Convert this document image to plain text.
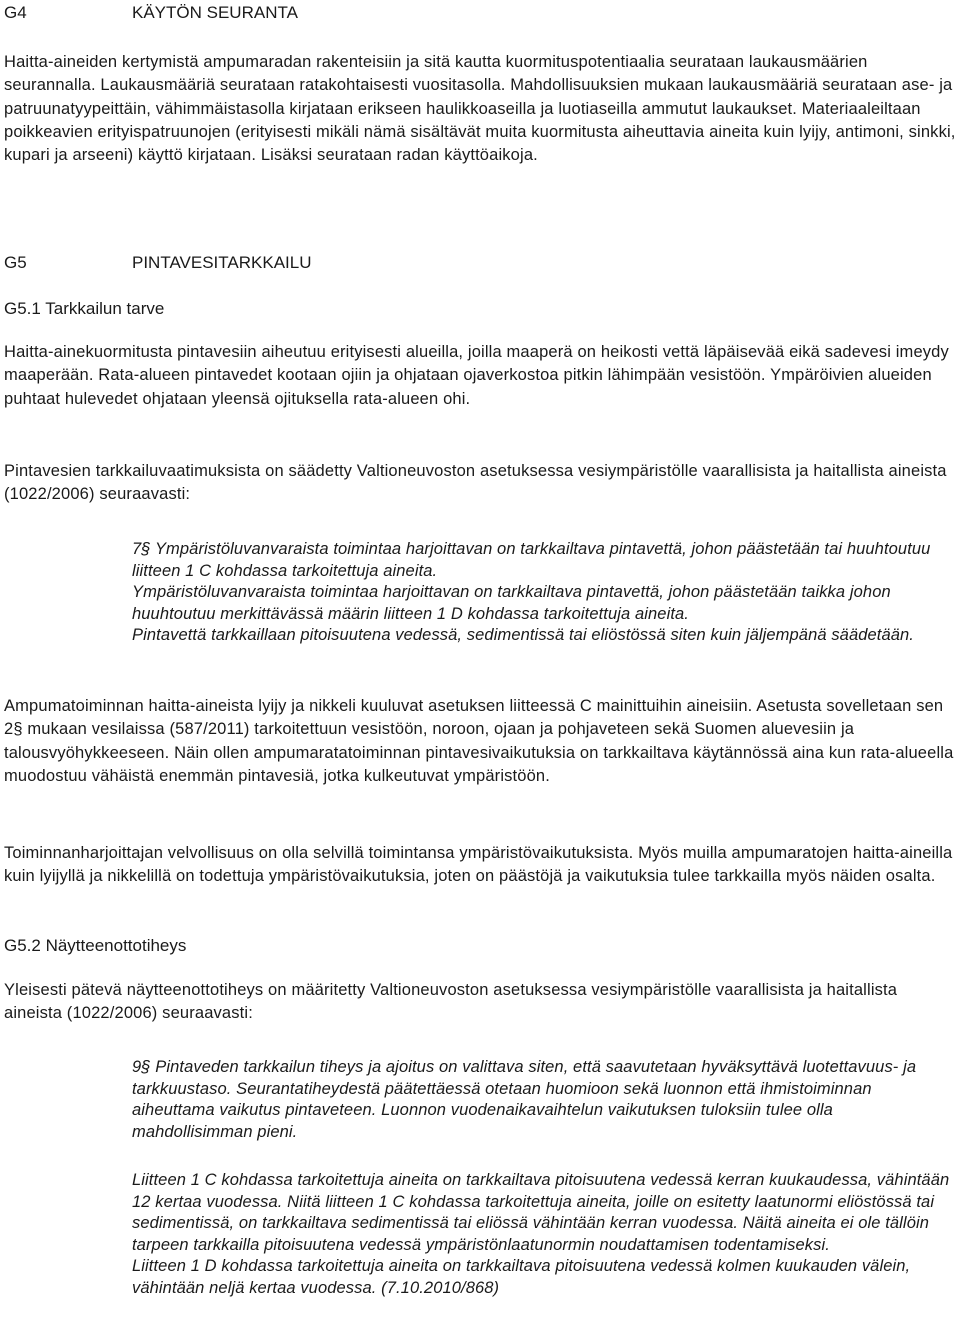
G4	KÄYTÖN SEURANTA

Haitta-aineiden kertymistä ampumaradan rakenteisiin ja sitä kautta kuormituspotentiaalia seurataan laukausmäärien seurannalla. Laukausmääriä seurataan ratakohtaisesti vuositasolla. Mahdollisuuksien mukaan laukausmääriä seurataan ase- ja patruunatyypeittäin, vähimmäistasolla kirjataan erikseen haulikkoaseilla ja luotiaseilla ammutut laukaukset. Materiaaleiltaan poikkeavien erityispatruunojen (erityisesti mikäli nämä sisältävät muita kuormitusta aiheuttavia aineita kuin lyijy, antimoni, sinkki, kupari ja arseeni) käyttö kirjataan. Lisäksi seurataan radan käyttöaikoja.

G5	PINTAVESITARKKAILU
G5.1 Tarkkailun tarve

Haitta-ainekuormitusta pintavesiin aiheutuu erityisesti alueilla, joilla maaperä on heikosti vettä läpäisevää eikä sadevesi imeydy maaperään. Rata-alueen pintavedet kootaan ojiin ja ohjataan ojaverkostoa pitkin lähimpään vesistöön. Ympäröivien alueiden puhtaat hulevedet ohjataan yleensä ojituksella rata-alueen ohi.

Pintavesien tarkkailuvaatimuksista on säädetty Valtioneuvoston asetuksessa vesiympäristölle vaarallisista ja haitallista aineista (1022/2006) seuraavasti:

7§ Ympäristöluvanvaraista toimintaa harjoittavan on tarkkailtava pintavettä, johon päästetään tai huuhtoutuu liitteen 1 C kohdassa tarkoitettuja aineita.

Ympäristöluvanvaraista toimintaa harjoittavan on tarkkailtava pintavettä, johon päästetään taikka johon huuhtoutuu merkittävässä määrin liitteen 1 D kohdassa tarkoitettuja aineita.

Pintavettä tarkkaillaan pitoisuutena vedessä, sedimentissä tai eliöstössä siten kuin jäljempänä säädetään.

Ampumatoiminnan haitta-aineista lyijy ja nikkeli kuuluvat asetuksen liitteessä C mainittuihin aineisiin. Asetusta sovelletaan sen 2§ mukaan vesilaissa (587/2011) tarkoitettuun vesistöön, noroon, ojaan ja pohjaveteen sekä Suomen aluevesiin ja talousvyöhykkeeseen. Näin ollen ampumaratatoiminnan pintavesivaikutuksia on tarkkailtava käytännössä aina kun rata-alueella muodostuu vähäistä enemmän pintavesiä, jotka kulkeutuvat ympäristöön.

Toiminnanharjoittajan velvollisuus on olla selvillä toimintansa ympäristövaikutuksista. Myös muilla ampumaratojen haitta-aineilla kuin lyijyllä ja nikkelillä on todettuja ympäristövaikutuksia, joten on päästöjä ja vaikutuksia tulee tarkkailla myös näiden osalta.

G5.2 Näytteenottotiheys

Yleisesti pätevä näytteenottotiheys on määritetty Valtioneuvoston asetuksessa vesiympäristölle vaarallisista ja haitallista aineista (1022/2006) seuraavasti:

9§ Pintaveden tarkkailun tiheys ja ajoitus on valittava siten, että saavutetaan hyväksyttävä luotettavuus- ja tarkkuustaso. Seurantatiheydestä päätettäessä otetaan huomioon sekä luonnon että ihmistoiminnan aiheuttama vaikutus pintaveteen. Luonnon vuodenaikavaihtelun vaikutuksen tuloksiin tulee olla mahdollisimman pieni.

Liitteen 1 C kohdassa tarkoitettuja aineita on tarkkailtava pitoisuutena vedessä kerran kuukaudessa, vähintään 12 kertaa vuodessa. Niitä liitteen 1 C kohdassa tarkoitettuja aineita, joille on esitetty laatunormi eliöstössä tai sedimentissä, on tarkkailtava sedimentissä tai eliössä vähintään kerran vuodessa. Näitä aineita ei ole tällöin tarpeen tarkkailla pitoisuutena vedessä ympäristönlaatunormin noudattamisen todentamiseksi.

Liitteen 1 D kohdassa tarkoitettuja aineita on tarkkailtava pitoisuutena vedessä kolmen kuukauden välein, vähintään neljä kertaa vuodessa. (7.10.2010/868)
